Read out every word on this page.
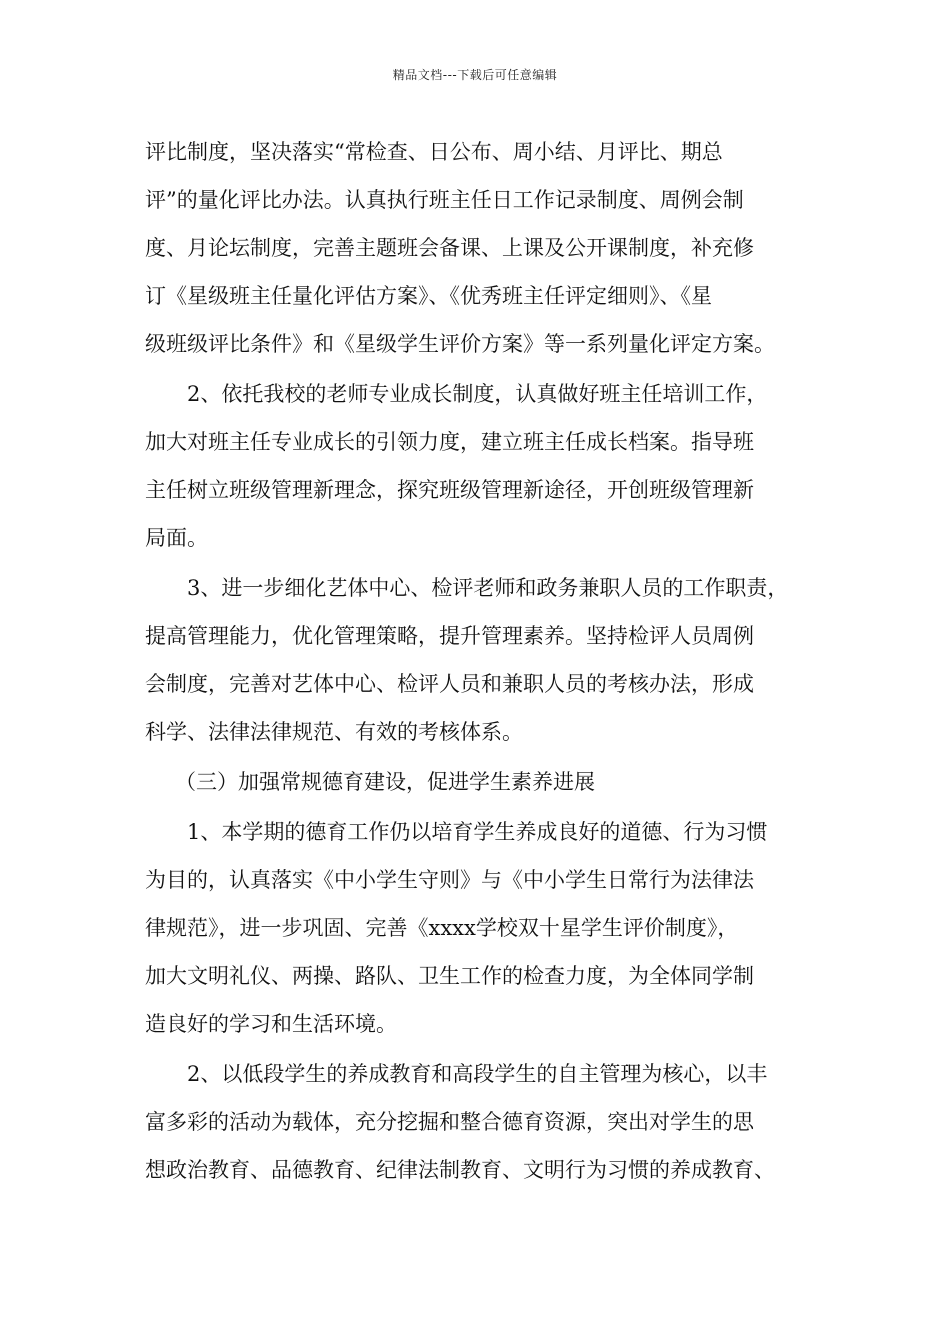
精品文档---下载后可任意编辑

评比制度，坚决落实“常检查、日公布、周小结、月评比、期总

评”的量化评比办法。认真执行班主任日工作记录制度、周例会制

度、月论坛制度，完善主题班会备课、上课及公开课制度，补充修

订《星级班主任量化评估方案》、《优秀班主任评定细则》、《星

级班级评比条件》和《星级学生评价方案》等一系列量化评定方案。

2、依托我校的老师专业成长制度，认真做好班主任培训工作，

加大对班主任专业成长的引领力度，建立班主任成长档案。指导班

主任树立班级管理新理念，探究班级管理新途径，开创班级管理新

局面。

3、进一步细化艺体中心、检评老师和政务兼职人员的工作职责，

提高管理能力，优化管理策略，提升管理素养。坚持检评人员周例

会制度，完善对艺体中心、检评人员和兼职人员的考核办法，形成

科学、法律法律规范、有效的考核体系。

（三）加强常规德育建设，促进学生素养进展

1、本学期的德育工作仍以培育学生养成良好的道德、行为习惯

为目的，认真落实《中小学生守则》与《中小学生日常行为法律法

律规范》，进一步巩固、完善《xxxx学校双十星学生评价制度》，

加大文明礼仪、两操、路队、卫生工作的检查力度，为全体同学制

造良好的学习和生活环境。

2、以低段学生的养成教育和高段学生的自主管理为核心，以丰

富多彩的活动为载体，充分挖掘和整合德育资源，突出对学生的思

想政治教育、品德教育、纪律法制教育、文明行为习惯的养成教育、
